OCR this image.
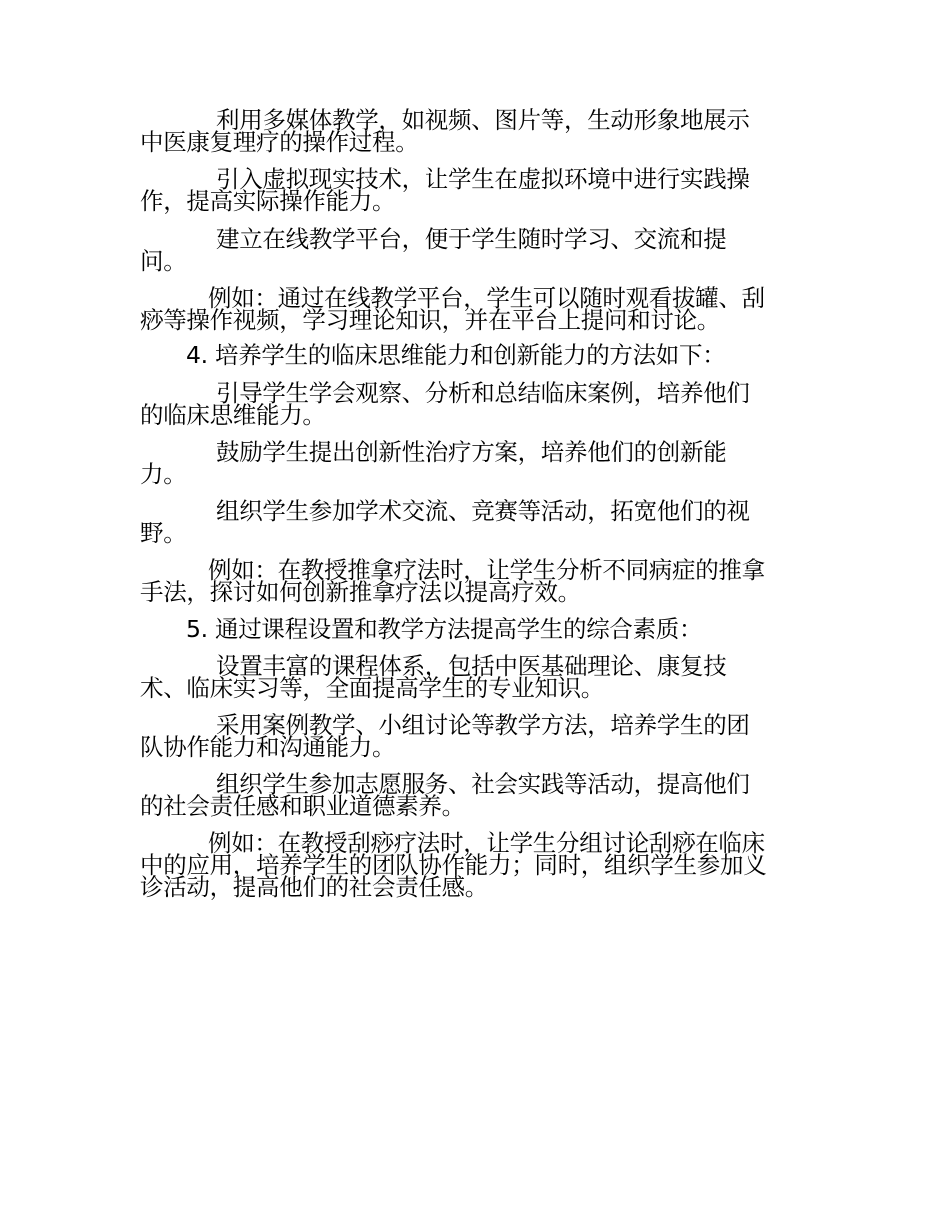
利用多媒体教学，如视频、图片等，生动形象地展示
中医康复理疗的操作过程。
引入虚拟现实技术，让学生在虚拟环境中进行实践操
作，提高实际操作能力。
建立在线教学平台，便于学生随时学习、交流和提
问。
例如：通过在线教学平台，学生可以随时观看拔罐、刮
痧等操作视频，学习理论知识，并在平台上提问和讨论。
4. 培养学生的临床思维能力和创新能力的方法如下：
引导学生学会观察、分析和总结临床案例，培养他们
的临床思维能力。
鼓励学生提出创新性治疗方案，培养他们的创新能
力。
组织学生参加学术交流、竞赛等活动，拓宽他们的视
野。
例如：在教授推拿疗法时，让学生分析不同病症的推拿
手法，探讨如何创新推拿疗法以提高疗效。
5. 通过课程设置和教学方法提高学生的综合素质：
设置丰富的课程体系，包括中医基础理论、康复技
术、临床实习等，全面提高学生的专业知识。
采用案例教学、小组讨论等教学方法，培养学生的团
队协作能力和沟通能力。
组织学生参加志愿服务、社会实践等活动，提高他们
的社会责任感和职业道德素养。
例如：在教授刮痧疗法时，让学生分组讨论刮痧在临床
中的应用，培养学生的团队协作能力；同时，组织学生参加义
诊活动，提高他们的社会责任感。
